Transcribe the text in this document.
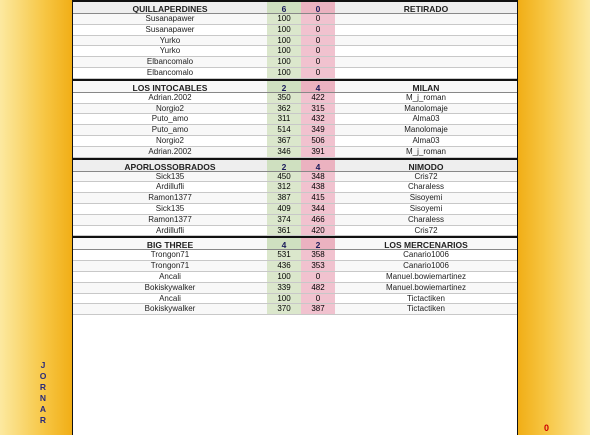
J
O
R
N
A
R
0
QUILLAPERDINES	6	0	RETIRADO
Susanapawer	100	0
Susanapawer	100	0
Yurko	100	0
Yurko	100	0
Elbancomalo	100	0
Elbancomalo	100	0
LOS INTOCABLES	2	4	MILAN
Adrian.2002	350	422	M_j_roman
Norgio2	362	315	Manolomaje
Puto_amo	311	432	Alma03
Puto_amo	514	349	Manolomaje
Norgio2	367	506	Alma03
Adrian.2002	346	391	M_j_roman
APORLOSSOBRADOS	2	4	NIMODO
Sick135	450	348	Cris72
Ardillufli	312	438	Charaless
Ramon1377	387	415	Sisoyemi
Sick135	409	344	Sisoyemi
Ramon1377	374	466	Charaless
Ardillufli	361	420	Cris72
BIG THREE	4	2	LOS MERCENARIOS
Trongon71	531	358	Canario1006
Trongon71	436	353	Canario1006
Ancali	100	0	Manuel.bowiemartinez
Bokiskywalker	339	482	Manuel.bowiemartinez
Ancali	100	0	Tictactiken
Bokiskywalker	370	387	Tictactiken
